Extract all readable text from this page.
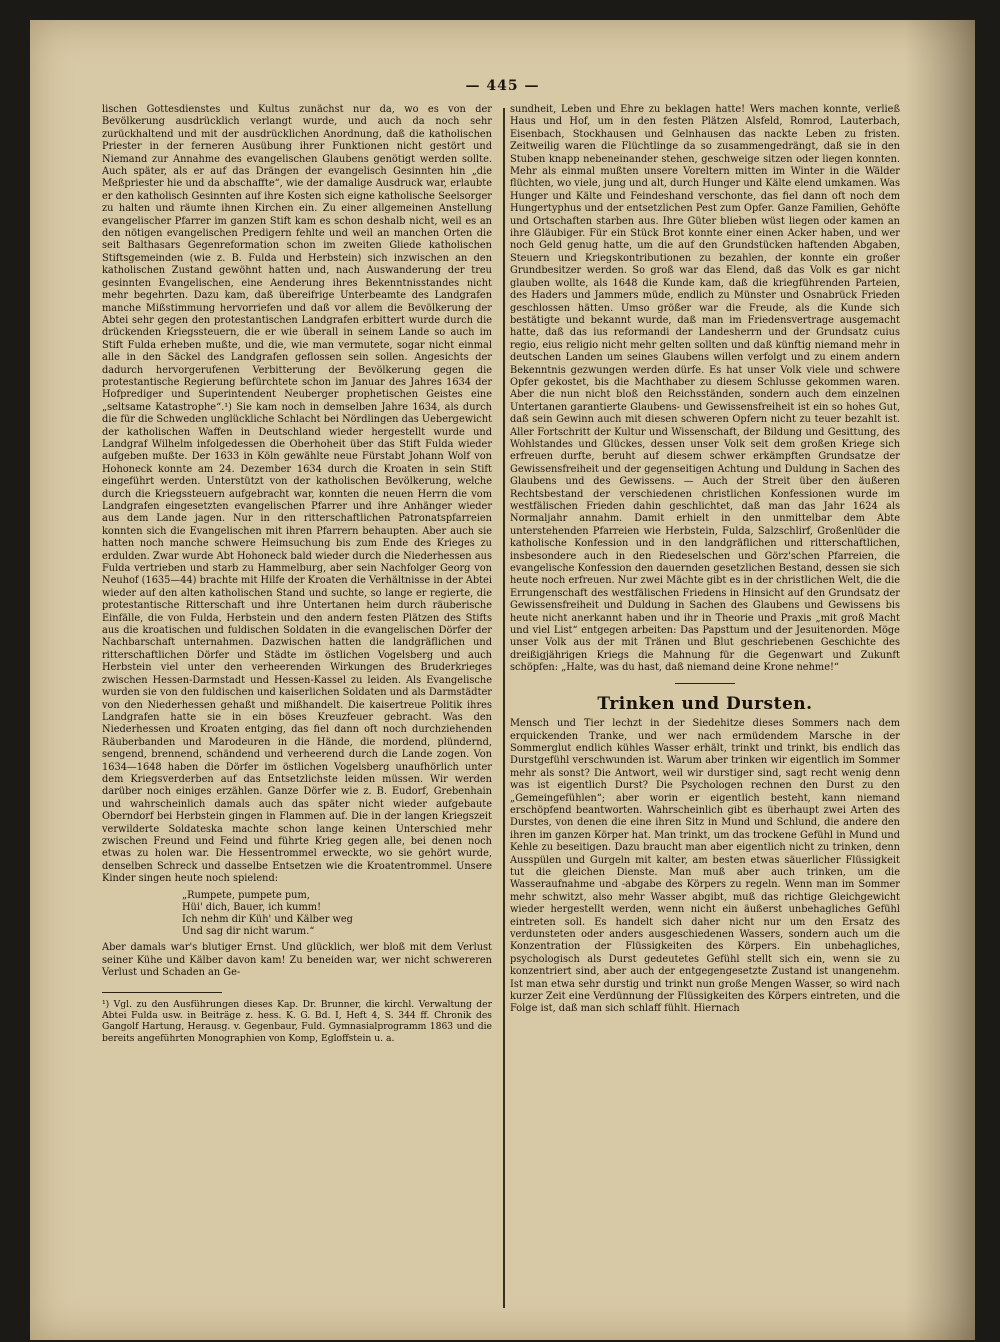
— 445 —

lischen Gottesdienstes und Kultus zunächst nur da, wo es von der Bevölkerung ausdrücklich verlangt wurde, und auch da noch sehr zurückhaltend und mit der ausdrücklichen Anordnung, daß die katholischen Priester in der ferneren Ausübung ihrer Funktionen nicht gestört und Niemand zur Annahme des evangelischen Glaubens genötigt werden sollte. Auch später, als er auf das Drängen der evangelisch Gesinnten hin „die Meßpriester hie und da abschaffte“, wie der damalige Ausdruck war, erlaubte er den katholisch Gesinnten auf ihre Kosten sich eigne katholische Seelsorger zu halten und räumte ihnen Kirchen ein. Zu einer allgemeinen Anstellung evangelischer Pfarrer im ganzen Stift kam es schon deshalb nicht, weil es an den nötigen evangelischen Predigern fehlte und weil an manchen Orten die seit Balthasars Gegenreformation schon im zweiten Gliede katholischen Stiftsgemeinden (wie z. B. Fulda und Herbstein) sich inzwischen an den katholischen Zustand gewöhnt hatten und, nach Auswanderung der treu gesinnten Evangelischen, eine Aenderung ihres Bekenntnisstandes nicht mehr begehrten. Dazu kam, daß übereifrige Unterbeamte des Landgrafen manche Mißstimmung hervorriefen und daß vor allem die Bevölkerung der Abtei sehr gegen den protestantischen Landgrafen erbittert wurde durch die drückenden Kriegssteuern, die er wie überall in seinem Lande so auch im Stift Fulda erheben mußte, und die, wie man vermutete, sogar nicht einmal alle in den Säckel des Landgrafen geflossen sein sollen. Angesichts der dadurch hervorgerufenen Verbitterung der Bevölkerung gegen die protestantische Regierung befürchtete schon im Januar des Jahres 1634 der Hofprediger und Superintendent Neuberger prophetischen Geistes eine „seltsame Katastrophe“.¹) Sie kam noch in demselben Jahre 1634, als durch die für die Schweden unglückliche Schlacht bei Nördlingen das Uebergewicht der katholischen Waffen in Deutschland wieder hergestellt wurde und Landgraf Wilhelm infolgedessen die Oberhoheit über das Stift Fulda wieder aufgeben mußte. Der 1633 in Köln gewählte neue Fürstabt Johann Wolf von Hohoneck konnte am 24. Dezember 1634 durch die Kroaten in sein Stift eingeführt werden. Unterstützt von der katholischen Bevölkerung, welche durch die Kriegssteuern aufgebracht war, konnten die neuen Herrn die vom Landgrafen eingesetzten evangelischen Pfarrer und ihre Anhänger wieder aus dem Lande jagen. Nur in den ritterschaftlichen Patronatspfarreien konnten sich die Evangelischen mit ihren Pfarrern behaupten. Aber auch sie hatten noch manche schwere Heimsuchung bis zum Ende des Krieges zu erdulden. Zwar wurde Abt Hohoneck bald wieder durch die Niederhessen aus Fulda vertrieben und starb zu Hammelburg, aber sein Nachfolger Georg von Neuhof (1635—44) brachte mit Hilfe der Kroaten die Verhältnisse in der Abtei wieder auf den alten katholischen Stand und suchte, so lange er regierte, die protestantische Ritterschaft und ihre Untertanen heim durch räuberische Einfälle, die von Fulda, Herbstein und den andern festen Plätzen des Stifts aus die kroatischen und fuldischen Soldaten in die evangelischen Dörfer der Nachbarschaft unternahmen. Dazwischen hatten die landgräflichen und ritterschaftlichen Dörfer und Städte im östlichen Vogelsberg und auch Herbstein viel unter den verheerenden Wirkungen des Bruderkrieges zwischen Hessen-Darmstadt und Hessen-Kassel zu leiden. Als Evangelische wurden sie von den fuldischen und kaiserlichen Soldaten und als Darmstädter von den Niederhessen gehaßt und mißhandelt. Die kaisertreue Politik ihres Landgrafen hatte sie in ein böses Kreuzfeuer gebracht. Was den Niederhessen und Kroaten entging, das fiel dann oft noch durchziehenden Räuberbanden und Marodeuren in die Hände, die mordend, plündernd, sengend, brennend, schändend und verheerend durch die Lande zogen. Von 1634—1648 haben die Dörfer im östlichen Vogelsberg unaufhörlich unter dem Kriegsverderben auf das Entsetzlichste leiden müssen. Wir werden darüber noch einiges erzählen. Ganze Dörfer wie z. B. Eudorf, Grebenhain und wahrscheinlich damals auch das später nicht wieder aufgebaute Oberndorf bei Herbstein gingen in Flammen auf. Die in der langen Kriegszeit verwilderte Soldateska machte schon lange keinen Unterschied mehr zwischen Freund und Feind und führte Krieg gegen alle, bei denen noch etwas zu holen war. Die Hessentrommel erweckte, wo sie gehört wurde, denselben Schreck und dasselbe Entsetzen wie die Kroatentrommel. Unsere Kinder singen heute noch spielend:

„Rumpete, pumpete pum,
Hüi' dich, Bauer, ich kumm!
Ich nehm dir Küh' und Kälber weg
Und sag dir nicht warum.“

Aber damals war's blutiger Ernst. Und glücklich, wer bloß mit dem Verlust seiner Kühe und Kälber davon kam! Zu beneiden war, wer nicht schwereren Verlust und Schaden an Ge-

¹) Vgl. zu den Ausführungen dieses Kap. Dr. Brunner, die kirchl. Verwaltung der Abtei Fulda usw. in Beiträge z. hess. K. G. Bd. I, Heft 4, S. 344 ff. Chronik des Gangolf Hartung, Herausg. v. Gegenbaur, Fuld. Gymnasialprogramm 1863 und die bereits angeführten Monographien von Komp, Egloffstein u. a.

sundheit, Leben und Ehre zu beklagen hatte! Wers machen konnte, verließ Haus und Hof, um in den festen Plätzen Alsfeld, Romrod, Lauterbach, Eisenbach, Stockhausen und Gelnhausen das nackte Leben zu fristen. Zeitweilig waren die Flüchtlinge da so zusammengedrängt, daß sie in den Stuben knapp nebeneinander stehen, geschweige sitzen oder liegen konnten. Mehr als einmal mußten unsere Voreltern mitten im Winter in die Wälder flüchten, wo viele, jung und alt, durch Hunger und Kälte elend umkamen. Was Hunger und Kälte und Feindeshand verschonte, das fiel dann oft noch dem Hungertyphus und der entsetzlichen Pest zum Opfer. Ganze Familien, Gehöfte und Ortschaften starben aus. Ihre Güter blieben wüst liegen oder kamen an ihre Gläubiger. Für ein Stück Brot konnte einer einen Acker haben, und wer noch Geld genug hatte, um die auf den Grundstücken haftenden Abgaben, Steuern und Kriegskontributionen zu bezahlen, der konnte ein großer Grundbesitzer werden. So groß war das Elend, daß das Volk es gar nicht glauben wollte, als 1648 die Kunde kam, daß die kriegführenden Parteien, des Haders und Jammers müde, endlich zu Münster und Osnabrück Frieden geschlossen hätten. Umso größer war die Freude, als die Kunde sich bestätigte und bekannt wurde, daß man im Friedensvertrage ausgemacht hatte, daß das ius reformandi der Landesherrn und der Grundsatz cuius regio, eius religio nicht mehr gelten sollten und daß künftig niemand mehr in deutschen Landen um seines Glaubens willen verfolgt und zu einem andern Bekenntnis gezwungen werden dürfe. Es hat unser Volk viele und schwere Opfer gekostet, bis die Machthaber zu diesem Schlusse gekommen waren. Aber die nun nicht bloß den Reichsständen, sondern auch dem einzelnen Untertanen garantierte Glaubens- und Gewissensfreiheit ist ein so hohes Gut, daß sein Gewinn auch mit diesen schweren Opfern nicht zu teuer bezahlt ist. Aller Fortschritt der Kultur und Wissenschaft, der Bildung und Gesittung, des Wohlstandes und Glückes, dessen unser Volk seit dem großen Kriege sich erfreuen durfte, beruht auf diesem schwer erkämpften Grundsatze der Gewissensfreiheit und der gegenseitigen Achtung und Duldung in Sachen des Glaubens und des Gewissens. — Auch der Streit über den äußeren Rechtsbestand der verschiedenen christlichen Konfessionen wurde im westfälischen Frieden dahin geschlichtet, daß man das Jahr 1624 als Normaljahr annahm. Damit erhielt in den unmittelbar dem Abte unterstehenden Pfarreien wie Herbstein, Fulda, Salzschlirf, Großenlüder die katholische Konfession und in den landgräflichen und ritterschaftlichen, insbesondere auch in den Riedeselschen und Görz'schen Pfarreien, die evangelische Konfession den dauernden gesetzlichen Bestand, dessen sie sich heute noch erfreuen. Nur zwei Mächte gibt es in der christlichen Welt, die die Errungenschaft des westfälischen Friedens in Hinsicht auf den Grundsatz der Gewissensfreiheit und Duldung in Sachen des Glaubens und Gewissens bis heute nicht anerkannt haben und ihr in Theorie und Praxis „mit groß Macht und viel List“ entgegen arbeiten: Das Papsttum und der Jesuitenorden. Möge unser Volk aus der mit Tränen und Blut geschriebenen Geschichte des dreißigjährigen Kriegs die Mahnung für die Gegenwart und Zukunft schöpfen: „Halte, was du hast, daß niemand deine Krone nehme!“

Trinken und Dursten.

Mensch und Tier lechzt in der Siedehitze dieses Sommers nach dem erquickenden Tranke, und wer nach ermüdendem Marsche in der Sommerglut endlich kühles Wasser erhält, trinkt und trinkt, bis endlich das Durstgefühl verschwunden ist. Warum aber trinken wir eigentlich im Sommer mehr als sonst? Die Antwort, weil wir durstiger sind, sagt recht wenig denn was ist eigentlich Durst? Die Psychologen rechnen den Durst zu den „Gemeingefühlen“; aber worin er eigentlich besteht, kann niemand erschöpfend beantworten. Wahrscheinlich gibt es überhaupt zwei Arten des Durstes, von denen die eine ihren Sitz in Mund und Schlund, die andere den ihren im ganzen Körper hat. Man trinkt, um das trockene Gefühl in Mund und Kehle zu beseitigen. Dazu braucht man aber eigentlich nicht zu trinken, denn Ausspülen und Gurgeln mit kalter, am besten etwas säuerlicher Flüssigkeit tut die gleichen Dienste. Man muß aber auch trinken, um die Wasseraufnahme und -abgabe des Körpers zu regeln. Wenn man im Sommer mehr schwitzt, also mehr Wasser abgibt, muß das richtige Gleichgewicht wieder hergestellt werden, wenn nicht ein äußerst unbehagliches Gefühl eintreten soll. Es handelt sich daher nicht nur um den Ersatz des verdunsteten oder anders ausgeschiedenen Wassers, sondern auch um die Konzentration der Flüssigkeiten des Körpers. Ein unbehagliches, psychologisch als Durst gedeutetes Gefühl stellt sich ein, wenn sie zu konzentriert sind, aber auch der entgegengesetzte Zustand ist unangenehm. Ist man etwa sehr durstig und trinkt nun große Mengen Wasser, so wird nach kurzer Zeit eine Verdünnung der Flüssigkeiten des Körpers eintreten, und die Folge ist, daß man sich schlaff fühlt. Hiernach
